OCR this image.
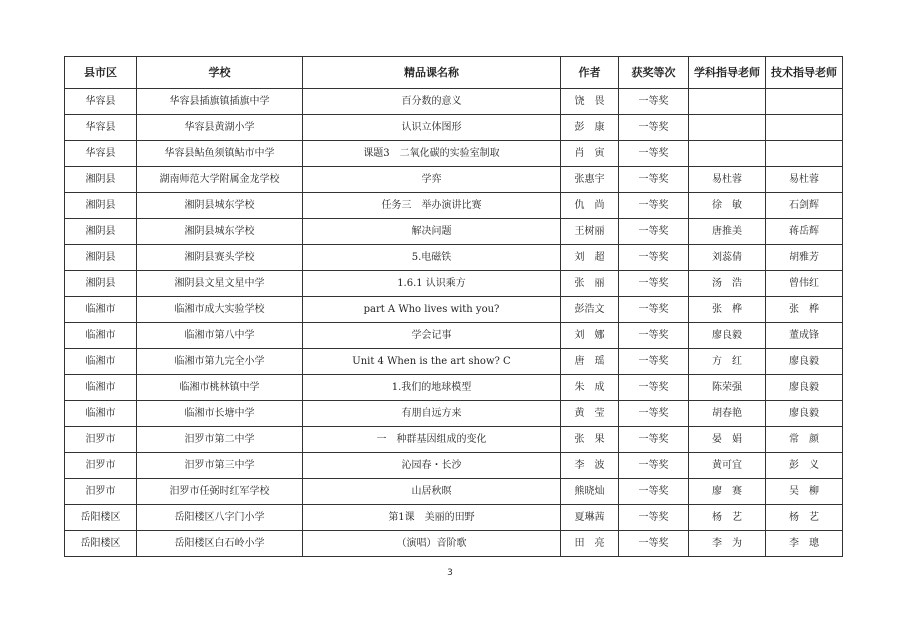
县市区	学校	精品课名称	作者	获奖等次	学科指导老师	技术指导老师
华容县	华容县插旗镇插旗中学	百分数的意义	饶　畏	一等奖		
华容县	华容县黄湖小学	认识立体图形	彭　康	一等奖		
华容县	华容县鲇鱼须镇鲇市中学	课题3　二氧化碳的实验室制取	肖　寅	一等奖		
湘阴县	湖南师范大学附属金龙学校	学弈	张惠宇	一等奖	易杜蓉	易杜蓉
湘阴县	湘阴县城东学校	任务三　举办演讲比赛	仇　尚	一等奖	徐　敏	石剑辉
湘阴县	湘阴县城东学校	解决问题	王树丽	一等奖	唐推美	蒋岳辉
湘阴县	湘阴县赛头学校	5.电磁铁	刘　超	一等奖	刘蕊倩	胡雅芳
湘阴县	湘阴县文星文星中学	1.6.1 认识乘方	张　丽	一等奖	汤　浩	曾伟红
临湘市	临湘市成大实验学校	part A Who lives with you?	彭浩文	一等奖	张　桦	张　桦
临湘市	临湘市第八中学	学会记事	刘　娜	一等奖	廖良毅	董成锋
临湘市	临湘市第九完全小学	Unit 4 When is the art show? C	唐　瑶	一等奖	方　红	廖良毅
临湘市	临湘市桃林镇中学	1.我们的地球模型	朱　成	一等奖	陈荣强	廖良毅
临湘市	临湘市长塘中学	有朋自远方来	黄　莹	一等奖	胡春艳	廖良毅
汨罗市	汨罗市第二中学	一　种群基因组成的变化	张　果	一等奖	晏　娟	常　颜
汨罗市	汨罗市第三中学	沁园春・长沙	李　波	一等奖	黄可宜	彭　义
汨罗市	汨罗市任弼时红军学校	山居秋暝	熊晓灿	一等奖	廖　赛	吴　柳
岳阳楼区	岳阳楼区八字门小学	第1课　美丽的田野	夏琳茜	一等奖	杨　艺	杨　艺
岳阳楼区	岳阳楼区白石岭小学	（演唱）音阶歌	田　亮	一等奖	李　为	李　璁
3
